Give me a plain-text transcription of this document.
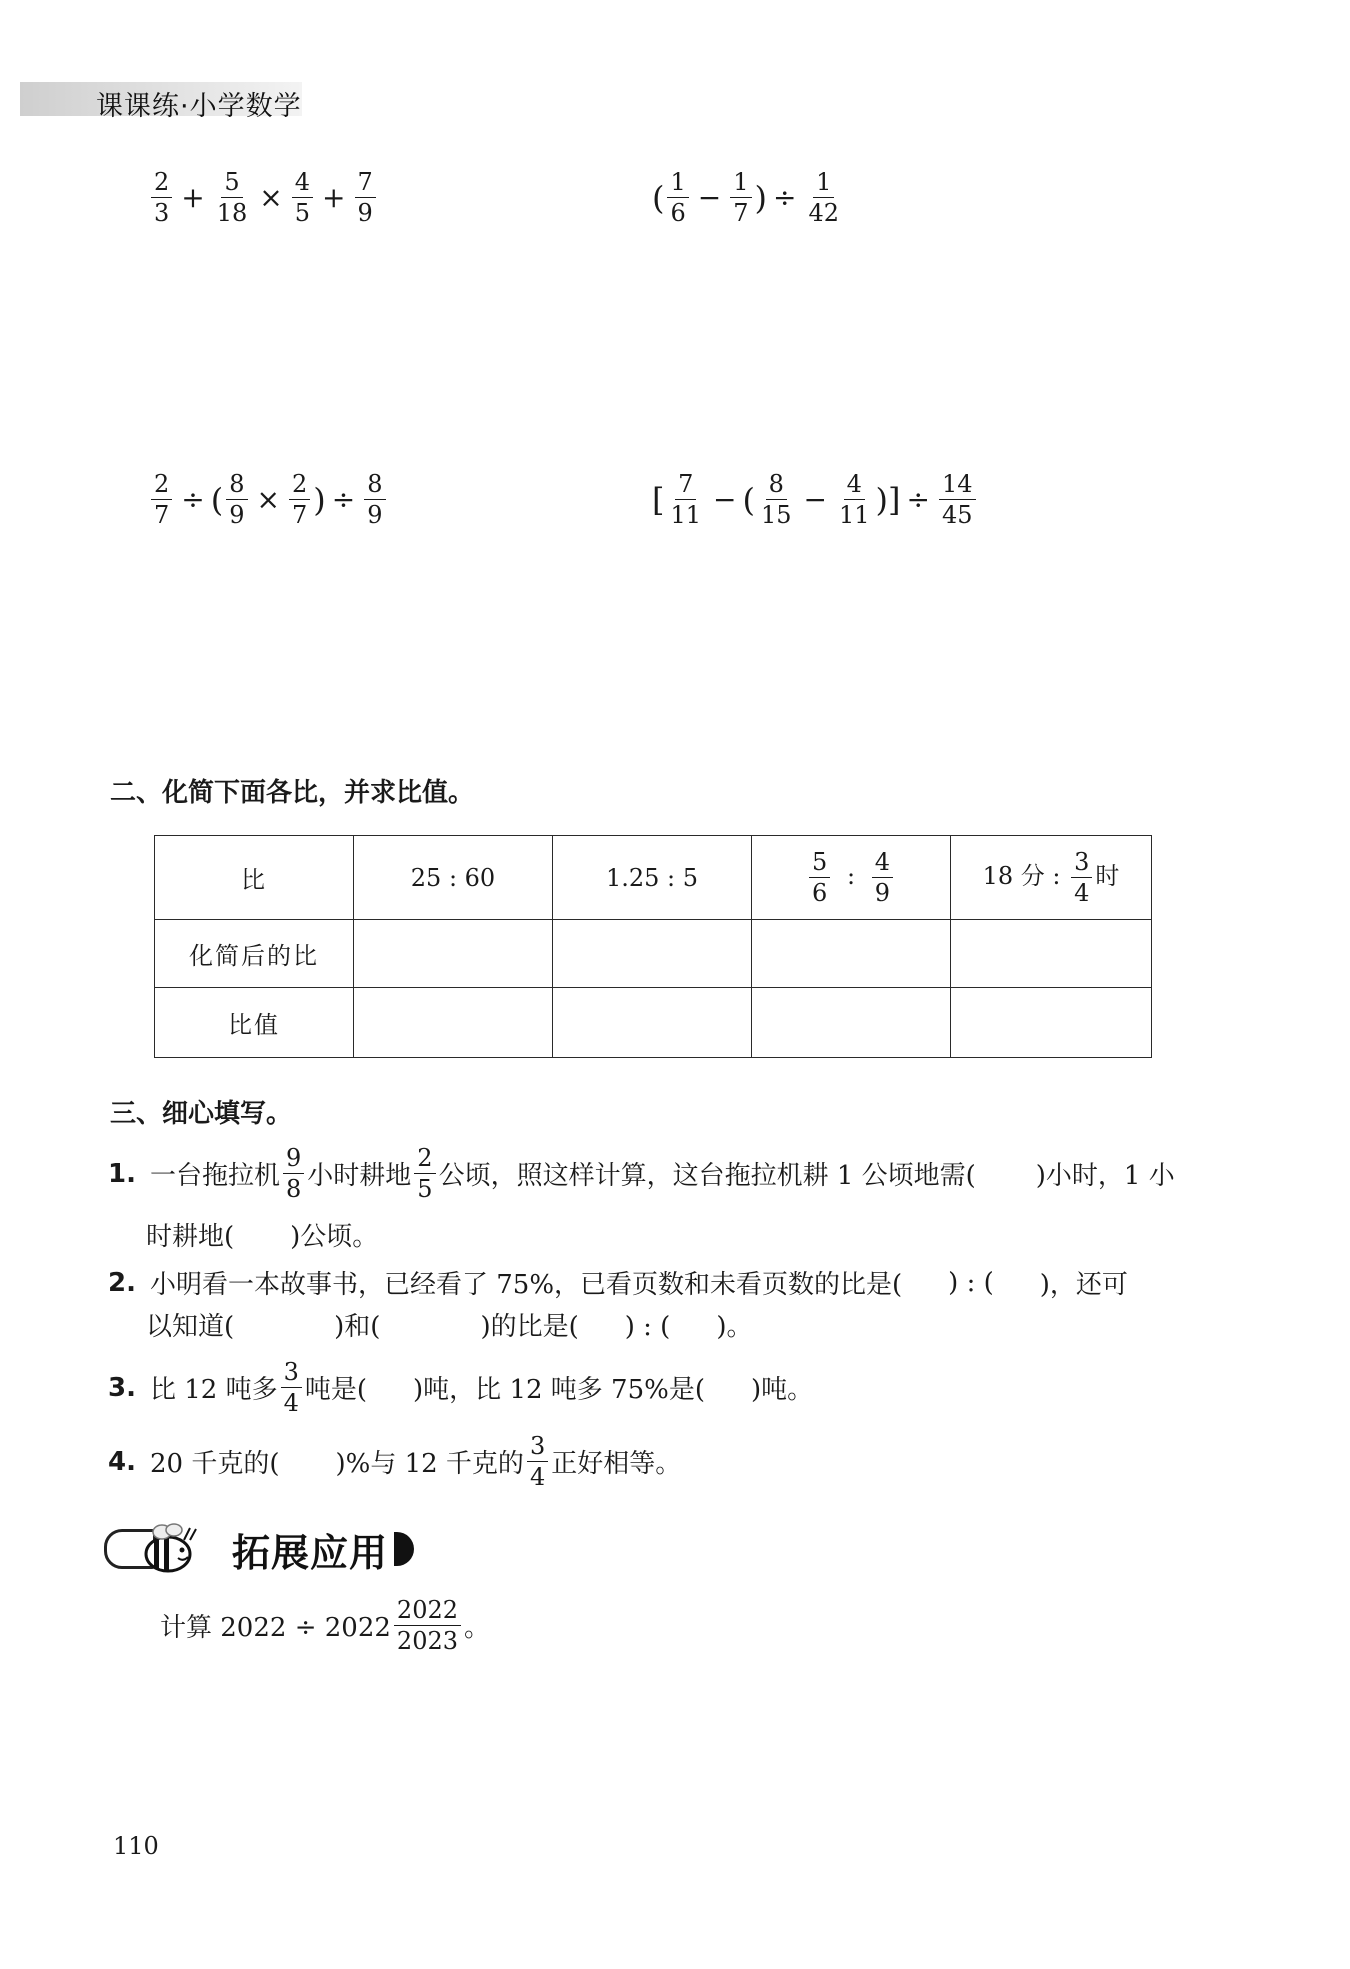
课课练·小学数学
$\frac{2}{3} + \frac{5}{18} \times \frac{4}{5} + \frac{7}{9}$	( $\frac{1}{6} - \frac{1}{7}$ ) ÷ $\frac{1}{42}$
$\frac{2}{7}$ ÷ ( $\frac{8}{9} \times \frac{2}{7}$ ) ÷ $\frac{8}{9}$	[ $\frac{7}{11}$ − ( $\frac{8}{15} - \frac{4}{11}$ ) ] ÷ $\frac{14}{45}$
二、化简下面各比，并求比值。
比	25 : 60	1.25 : 5	$\frac{5}{6}$ : $\frac{4}{9}$	18 分 : $\frac{3}{4}$ 时
化简后的比				
比值				
三、细心填写。
1. 一台拖拉机 $\frac{9}{8}$ 小时耕地 $\frac{2}{5}$ 公顷，照这样计算，这台拖拉机耕 1 公顷地需( )小时，1 小
时耕地( )公顷。
2. 小明看一本故事书，已经看了 75%，已看页数和未看页数的比是( ) : ( )，还可
以知道(	)和(	)的比是( ) : ( )。
3. 比 12 吨多 $\frac{3}{4}$ 吨是( )吨，比 12 吨多 75%是( )吨。
4. 20 千克的( )%与 12 千克的 $\frac{3}{4}$ 正好相等。
拓展应用
计算 $2022 \div 2022 \frac{2022}{2023}$ 。
110
